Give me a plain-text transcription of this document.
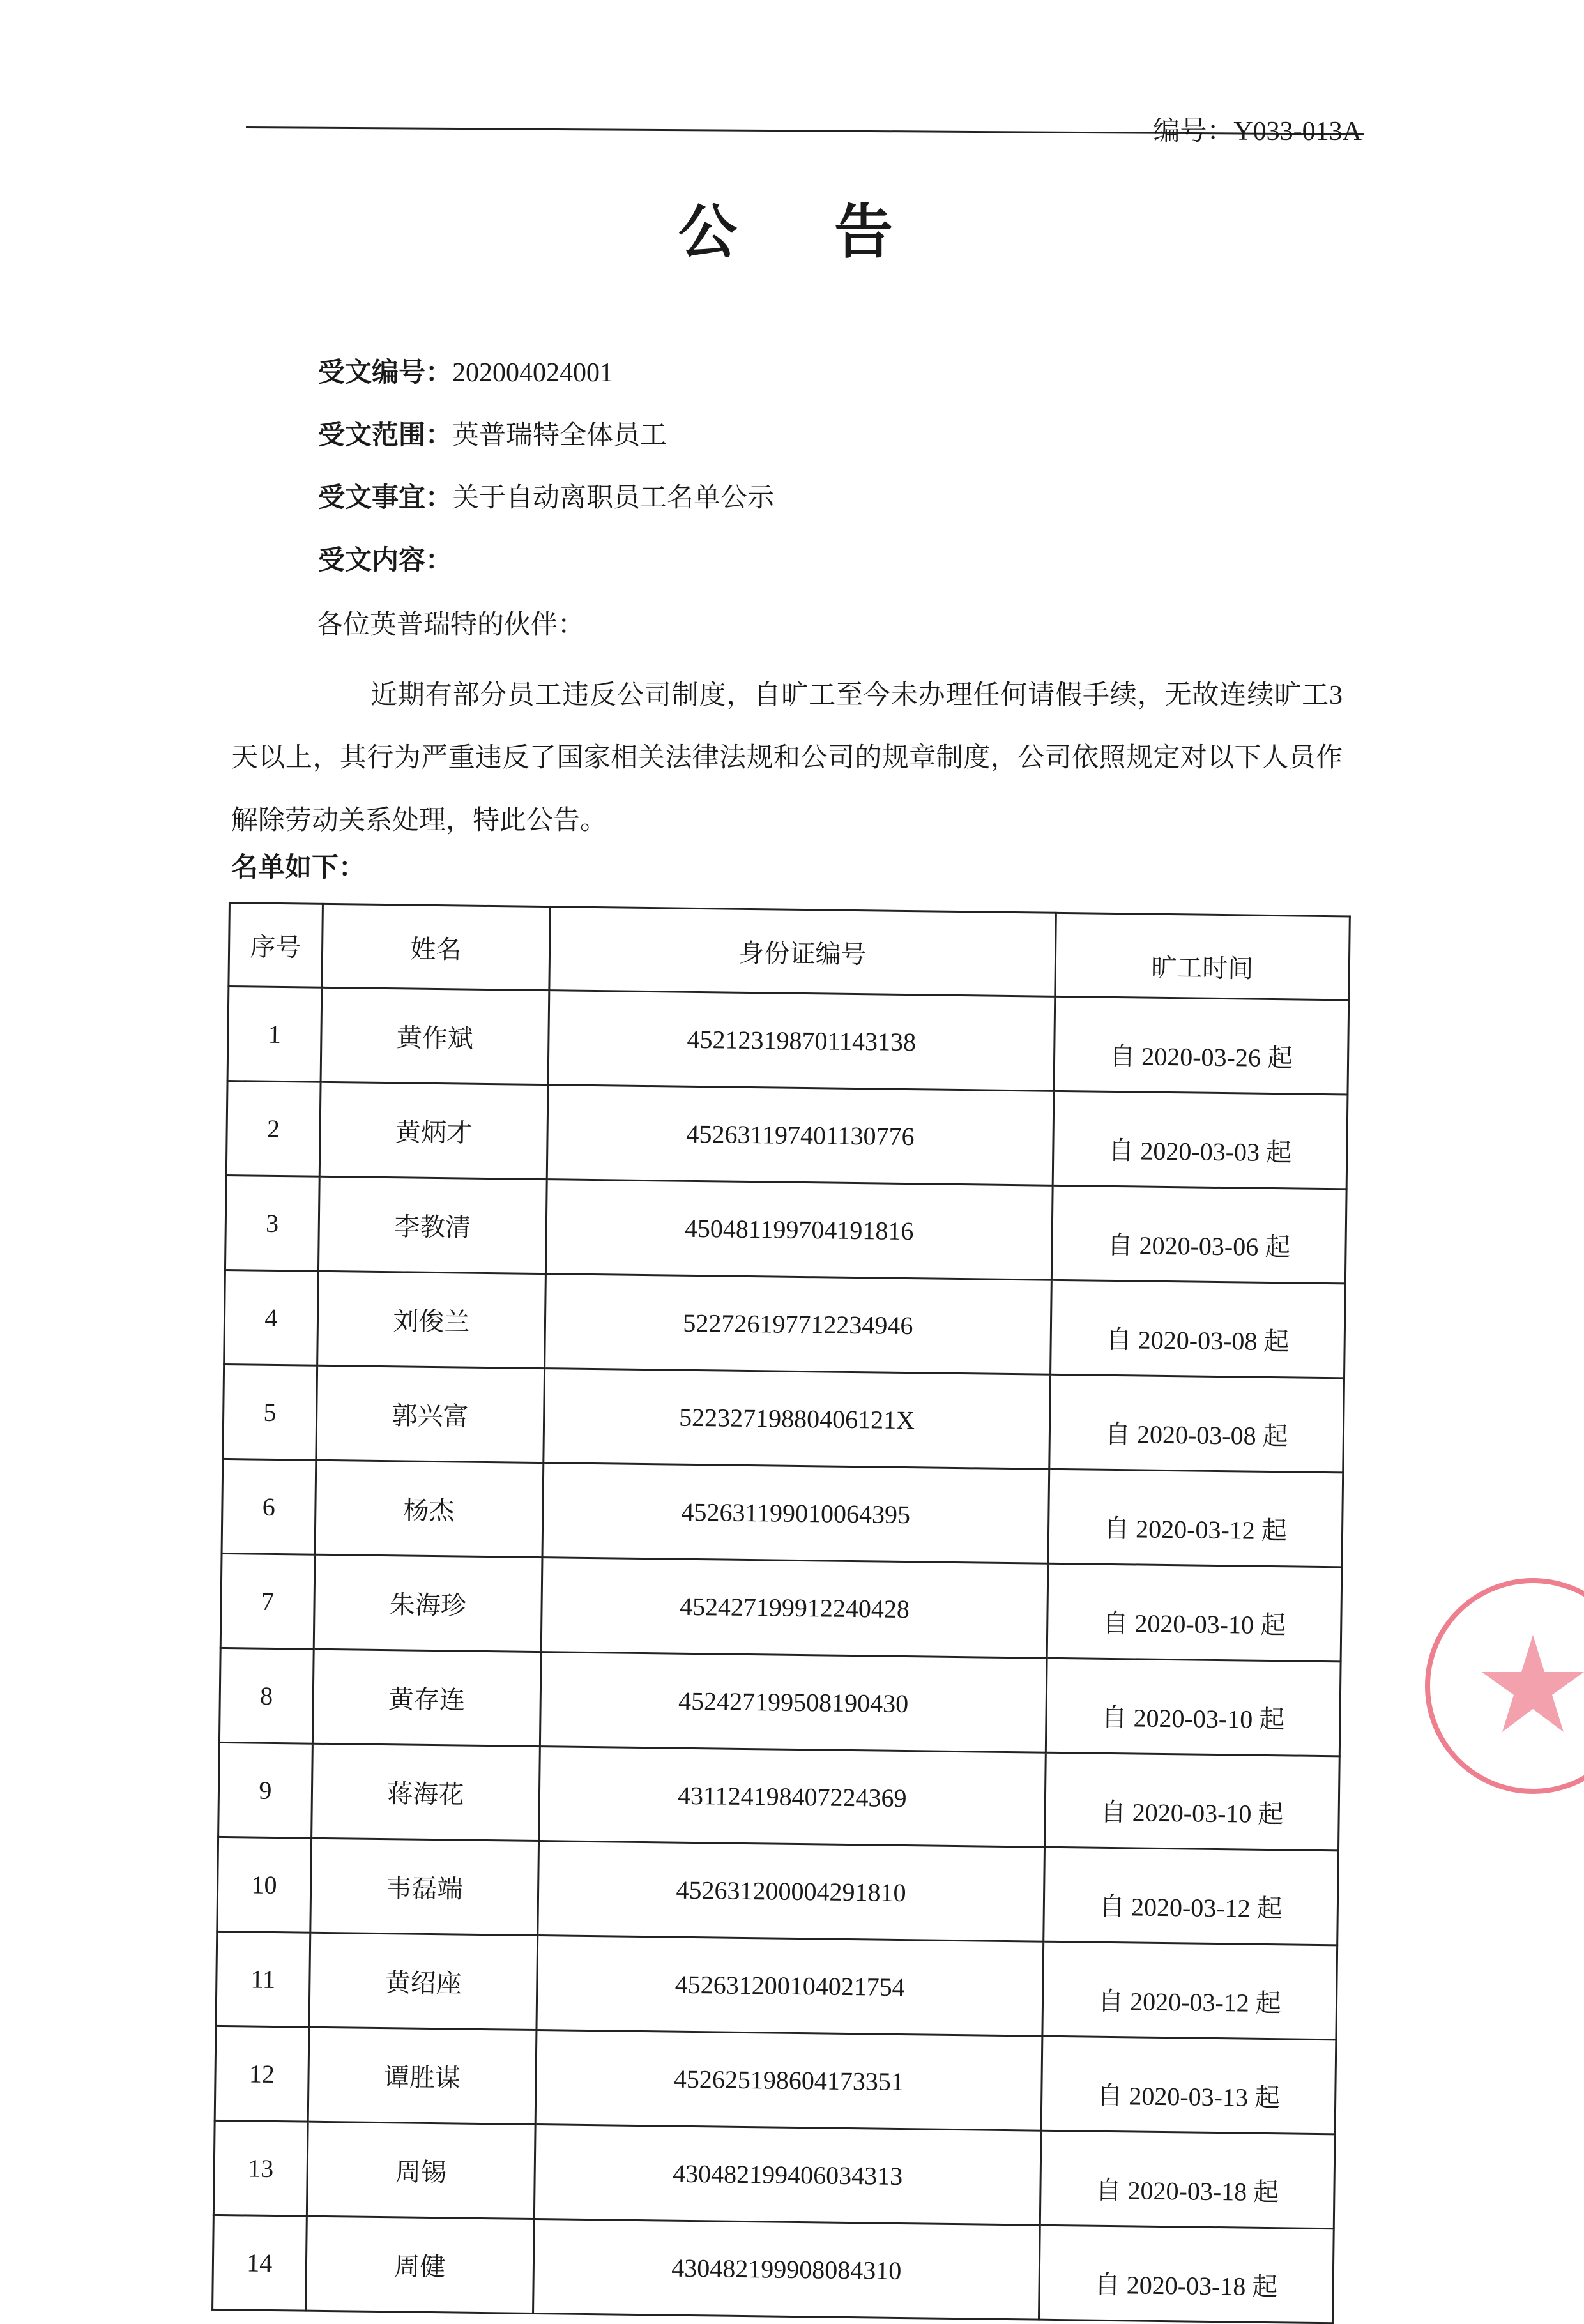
编号：Y033-013A
公 告
受文编号：202004024001
受文范围：英普瑞特全体员工
受文事宜：关于自动离职员工名单公示
受文内容：
各位英普瑞特的伙伴：
近期有部分员工违反公司制度，自旷工至今未办理任何请假手续，无故连续旷工3天以上，其行为严重违反了国家相关法律法规和公司的规章制度，公司依照规定对以下人员作解除劳动关系处理，特此公告。
名单如下：
序号	姓名	身份证编号	旷工时间
1	黄作斌	452123198701143138	自 2020-03-26 起
2	黄炳才	452631197401130776	自 2020-03-03 起
3	李教清	450481199704191816	自 2020-03-06 起
4	刘俊兰	522726197712234946	自 2020-03-08 起
5	郭兴富	52232719880406121X	自 2020-03-08 起
6	杨杰	452631199010064395	自 2020-03-12 起
7	朱海珍	452427199912240428	自 2020-03-10 起
8	黄存连	452427199508190430	自 2020-03-10 起
9	蒋海花	431124198407224369	自 2020-03-10 起
10	韦磊端	452631200004291810	自 2020-03-12 起
11	黄绍座	452631200104021754	自 2020-03-12 起
12	谭胜谋	452625198604173351	自 2020-03-13 起
13	周锡	430482199406034313	自 2020-03-18 起
14	周健	430482199908084310	自 2020-03-18 起
